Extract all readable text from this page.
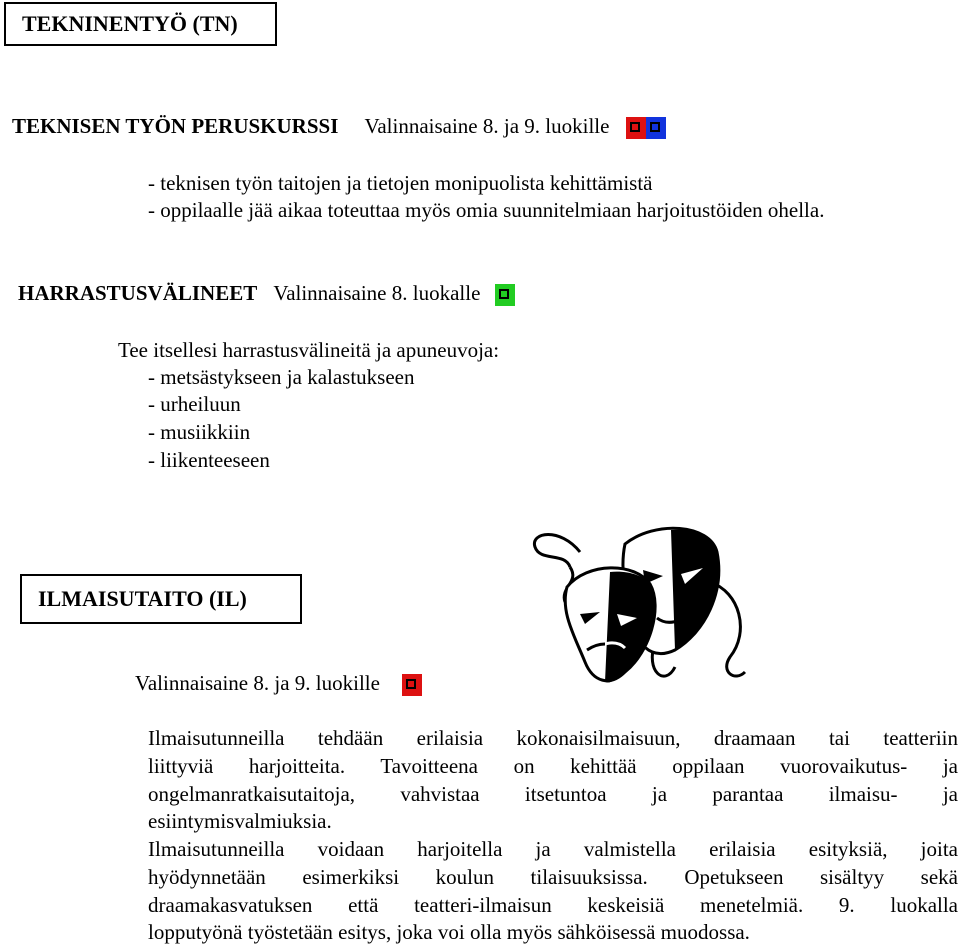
TEKNINENTYÖ (TN)
TEKNISEN TYÖN PERUSKURSSI Valinnaisaine 8. ja 9. luokille
- teknisen työn taitojen ja tietojen monipuolista kehittämistä
- oppilaalle jää aikaa toteuttaa myös omia suunnitelmiaan harjoitustöiden ohella.
HARRASTUSVÄLINEET Valinnaisaine 8. luokalle
Tee itsellesi harrastusvälineitä ja apuneuvoja:
- metsästykseen ja kalastukseen
- urheiluun
- musiikkiin
- liikenteeseen
ILMAISUTAITO (IL)
Valinnaisaine 8. ja 9. luokille
Ilmaisutunneilla tehdään erilaisia kokonaisilmaisuun, draamaan tai teatteriin
liittyviä harjoitteita. Tavoitteena on kehittää oppilaan vuorovaikutus- ja
ongelmanratkaisutaitoja, vahvistaa itsetuntoa ja parantaa ilmaisu- ja
esiintymisvalmiuksia.
Ilmaisutunneilla voidaan harjoitella ja valmistella erilaisia esityksiä, joita
hyödynnetään esimerkiksi koulun tilaisuuksissa. Opetukseen sisältyy sekä
draamakasvatuksen että teatteri-ilmaisun keskeisiä menetelmiä. 9. luokalla
lopputyönä työstetään esitys, joka voi olla myös sähköisessä muodossa.
